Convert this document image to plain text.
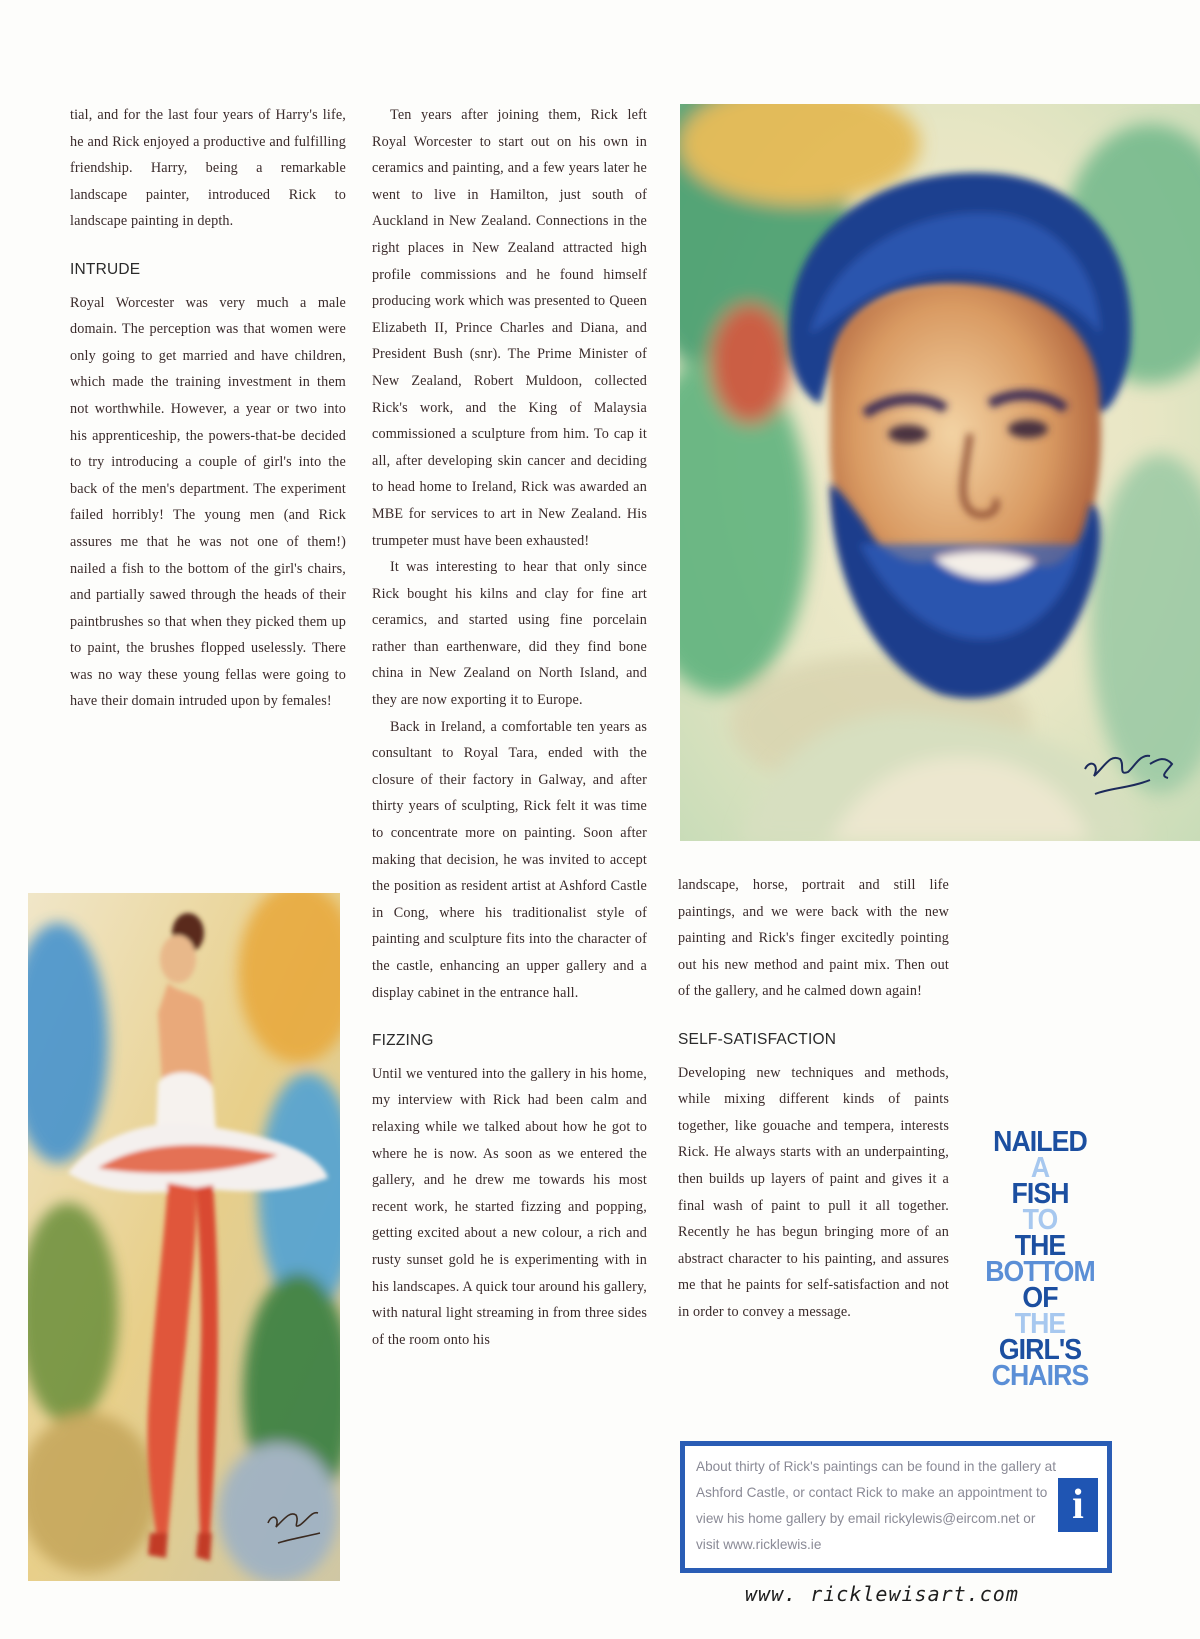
tial, and for the last four years of Harry's life, he and Rick enjoyed a productive and fulfilling friendship. Harry, being a remarkable landscape painter, introduced Rick to landscape painting in depth.

INTRUDE

Royal Worcester was very much a male domain. The perception was that women were only going to get married and have children, which made the training investment in them not worthwhile. However, a year or two into his apprenticeship, the powers-that-be decided to try introducing a couple of girl's into the back of the men's department. The experiment failed horribly! The young men (and Rick assures me that he was not one of them!) nailed a fish to the bottom of the girl's chairs, and partially sawed through the heads of their paintbrushes so that when they picked them up to paint, the brushes flopped uselessly. There was no way these young fellas were going to have their domain intruded upon by females!

Ten years after joining them, Rick left Royal Worcester to start out on his own in ceramics and painting, and a few years later he went to live in Hamilton, just south of Auckland in New Zealand. Connections in the right places in New Zealand attracted high profile commissions and he found himself producing work which was presented to Queen Elizabeth II, Prince Charles and Diana, and President Bush (snr). The Prime Minister of New Zealand, Robert Muldoon, collected Rick's work, and the King of Malaysia commissioned a sculpture from him. To cap it all, after developing skin cancer and deciding to head home to Ireland, Rick was awarded an MBE for services to art in New Zealand. His trumpeter must have been exhausted!

It was interesting to hear that only since Rick bought his kilns and clay for fine art ceramics, and started using fine porcelain rather than earthenware, did they find bone china in New Zealand on North Island, and they are now exporting it to Europe.

Back in Ireland, a comfortable ten years as consultant to Royal Tara, ended with the closure of their factory in Galway, and after thirty years of sculpting, Rick felt it was time to concentrate more on painting. Soon after making that decision, he was invited to accept the position as resident artist at Ashford Castle in Cong, where his traditionalist style of painting and sculpture fits into the character of the castle, enhancing an upper gallery and a display cabinet in the entrance hall.

FIZZING

Until we ventured into the gallery in his home, my interview with Rick had been calm and relaxing while we talked about how he got to where he is now. As soon as we entered the gallery, and he drew me towards his most recent work, he started fizzing and popping, getting excited about a new colour, a rich and rusty sunset gold he is experimenting with in his landscapes. A quick tour around his gallery, with natural light streaming in from three sides of the room onto his

landscape, horse, portrait and still life paintings, and we were back with the new painting and Rick's finger excitedly pointing out his new method and paint mix. Then out of the gallery, and he calmed down again!

SELF-SATISFACTION

Developing new techniques and methods, while mixing different kinds of paints together, like gouache and tempera, interests Rick. He always starts with an underpainting, then builds up layers of paint and gives it a final wash of paint to pull it all together. Recently he has begun bringing more of an abstract character to his painting, and assures me that he paints for self-satisfaction and not in order to convey a message.

NAILED
A
FISH
TO
THE
BOTTOM
OF
THE
GIRL'S
CHAIRS
About thirty of Rick's paintings can be found in the gallery at Ashford Castle, or contact Rick to make an appointment to view his home gallery by email rickylewis@eircom.net or visit www.ricklewis.ie
i
www. ricklewisart.com
